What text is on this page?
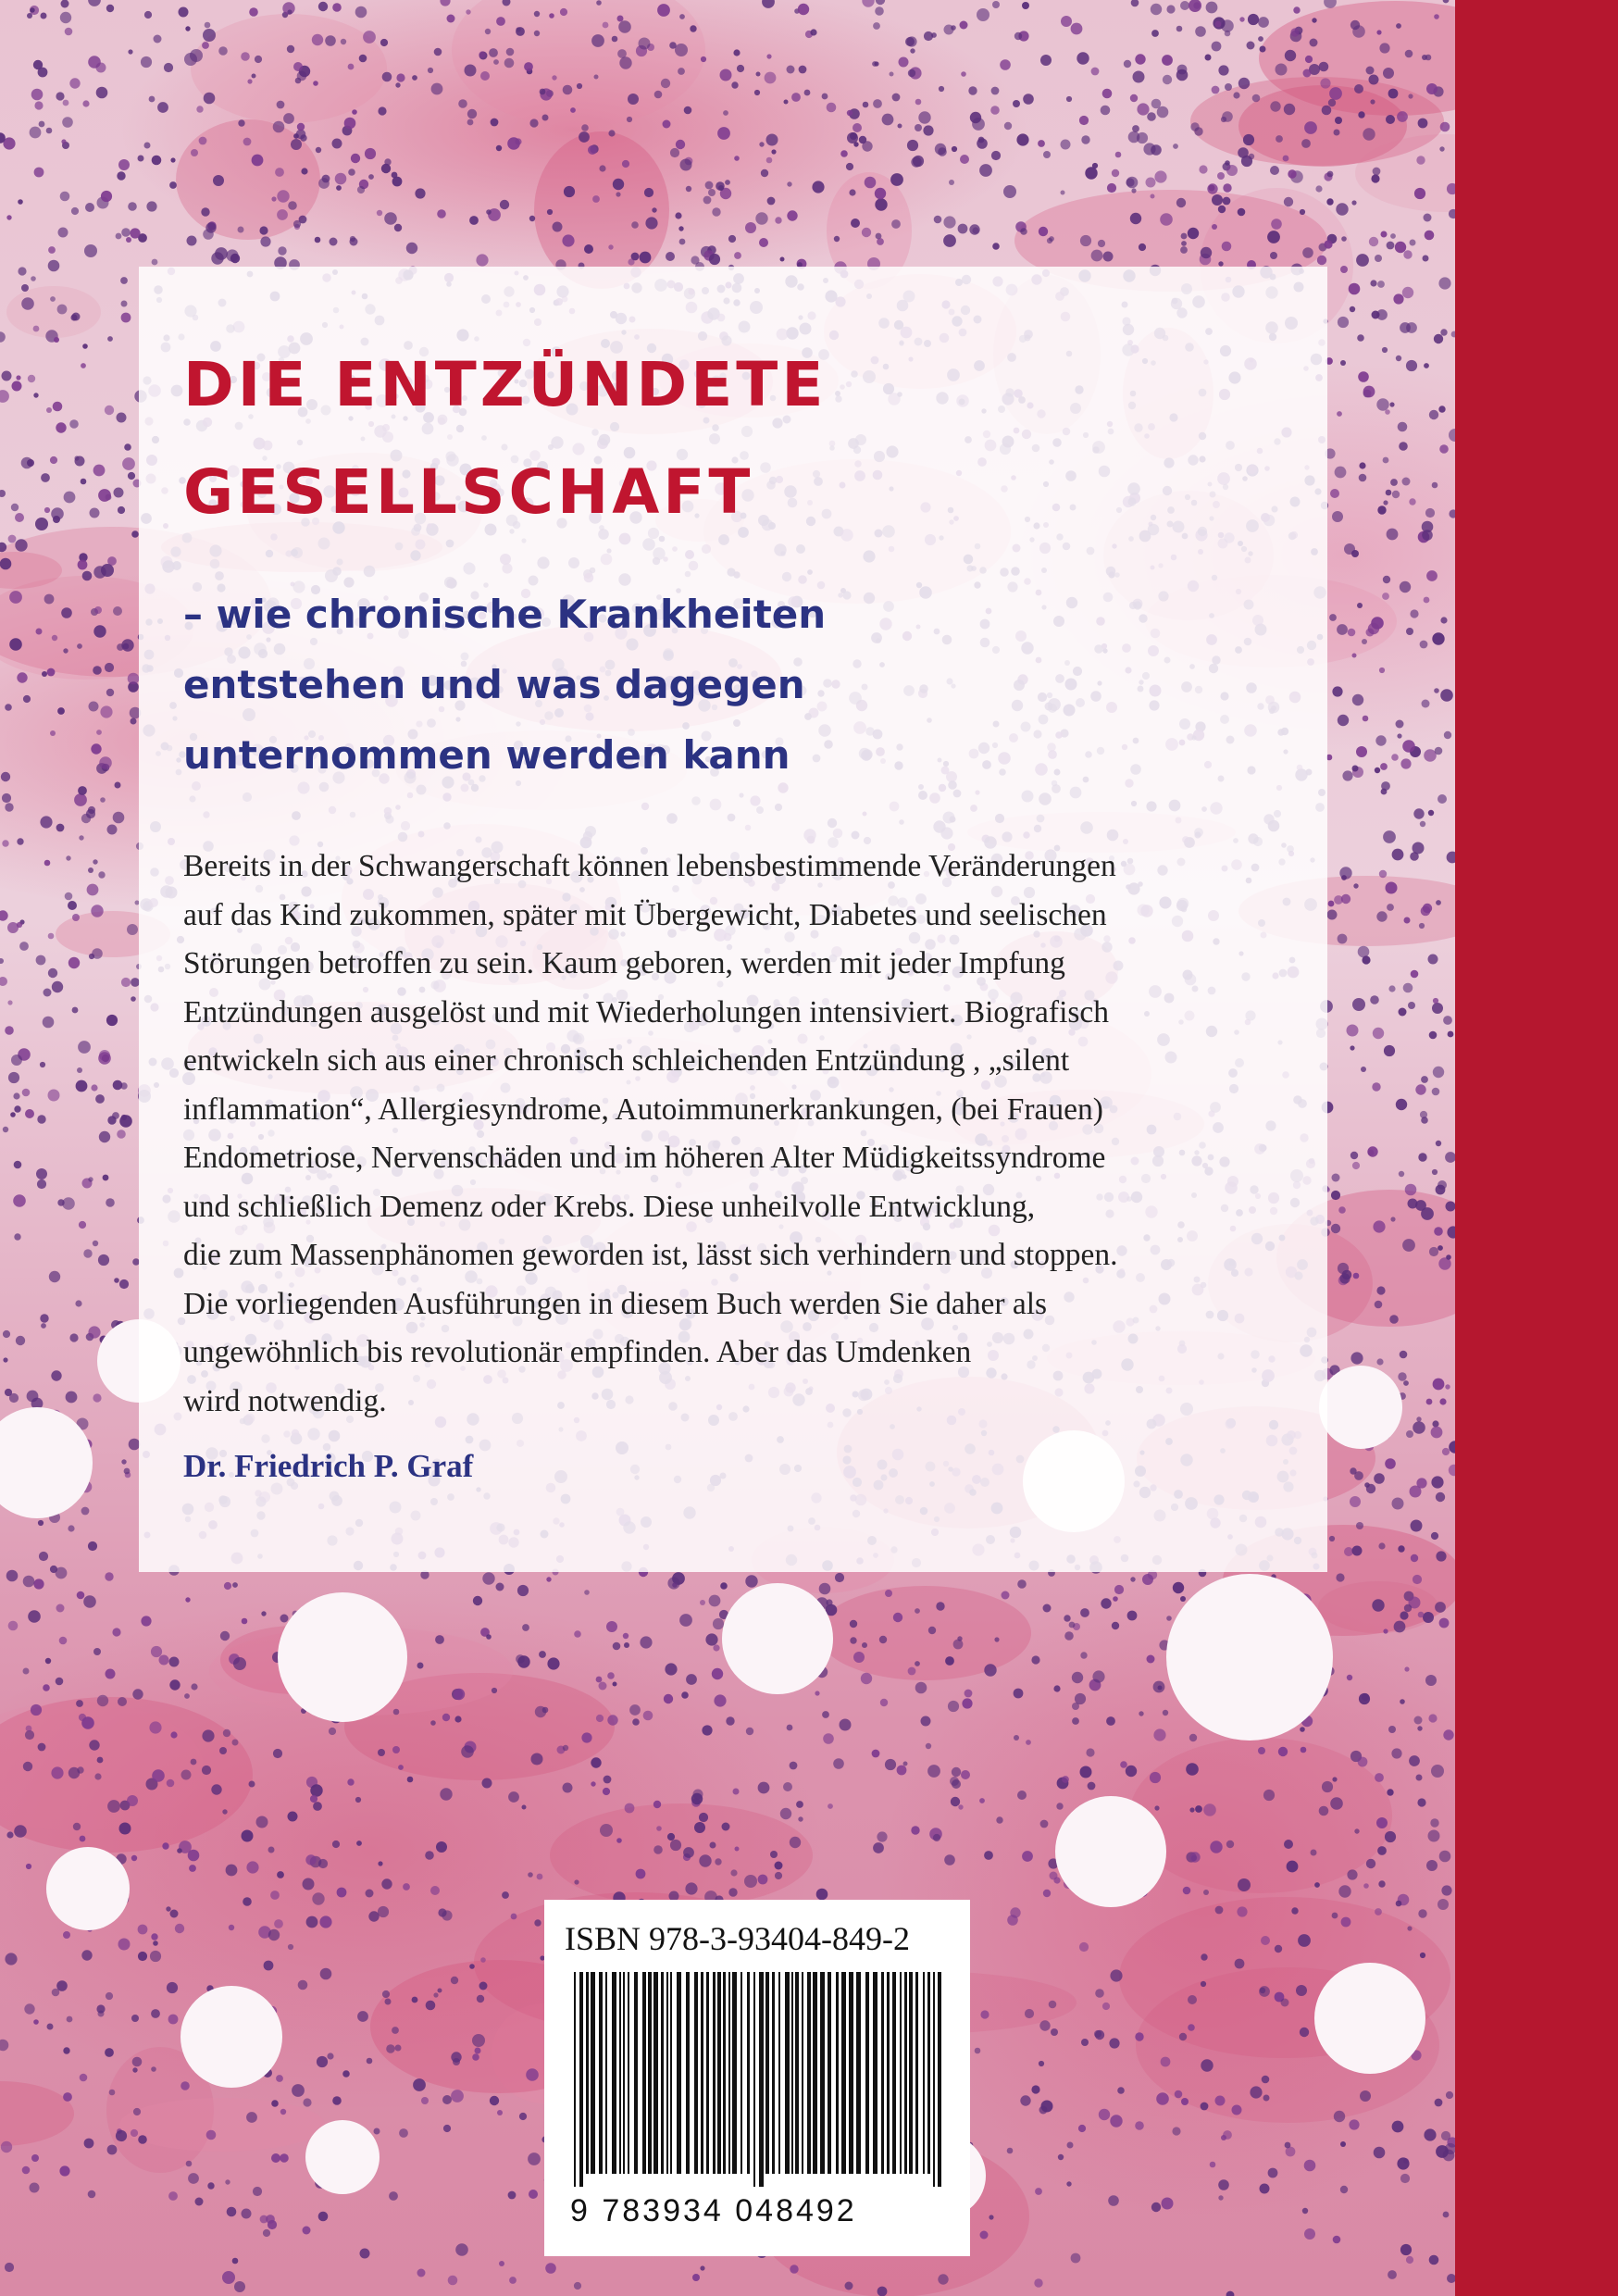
DIE ENTZÜNDETE
GESELLSCHAFT
– wie chronische Krankheiten
entstehen und was dagegen
unternommen werden kann

Bereits in der Schwangerschaft können lebensbestimmende Veränderungen
auf das Kind zukommen, später mit Übergewicht, Diabetes und seelischen
Störungen betroffen zu sein. Kaum geboren, werden mit jeder Impfung
Entzündungen ausgelöst und mit Wiederholungen intensiviert. Biografisch
entwickeln sich aus einer chronisch schleichenden Entzündung , „silent
inflammation“, Allergiesyndrome, Autoimmunerkrankungen, (bei Frauen)
Endometriose, Nervenschäden und im höheren Alter Müdigkeitssyndrome
und schließlich Demenz oder Krebs. Diese unheilvolle Entwicklung,
die zum Massenphänomen geworden ist, lässt sich verhindern und stoppen.
Die vorliegenden Ausführungen in diesem Buch werden Sie daher als
ungewöhnlich bis revolutionär empfinden. Aber das Umdenken
wird notwendig.

Dr. Friedrich P. Graf

ISBN 978-3-93404-849-2
9 783934 048492
